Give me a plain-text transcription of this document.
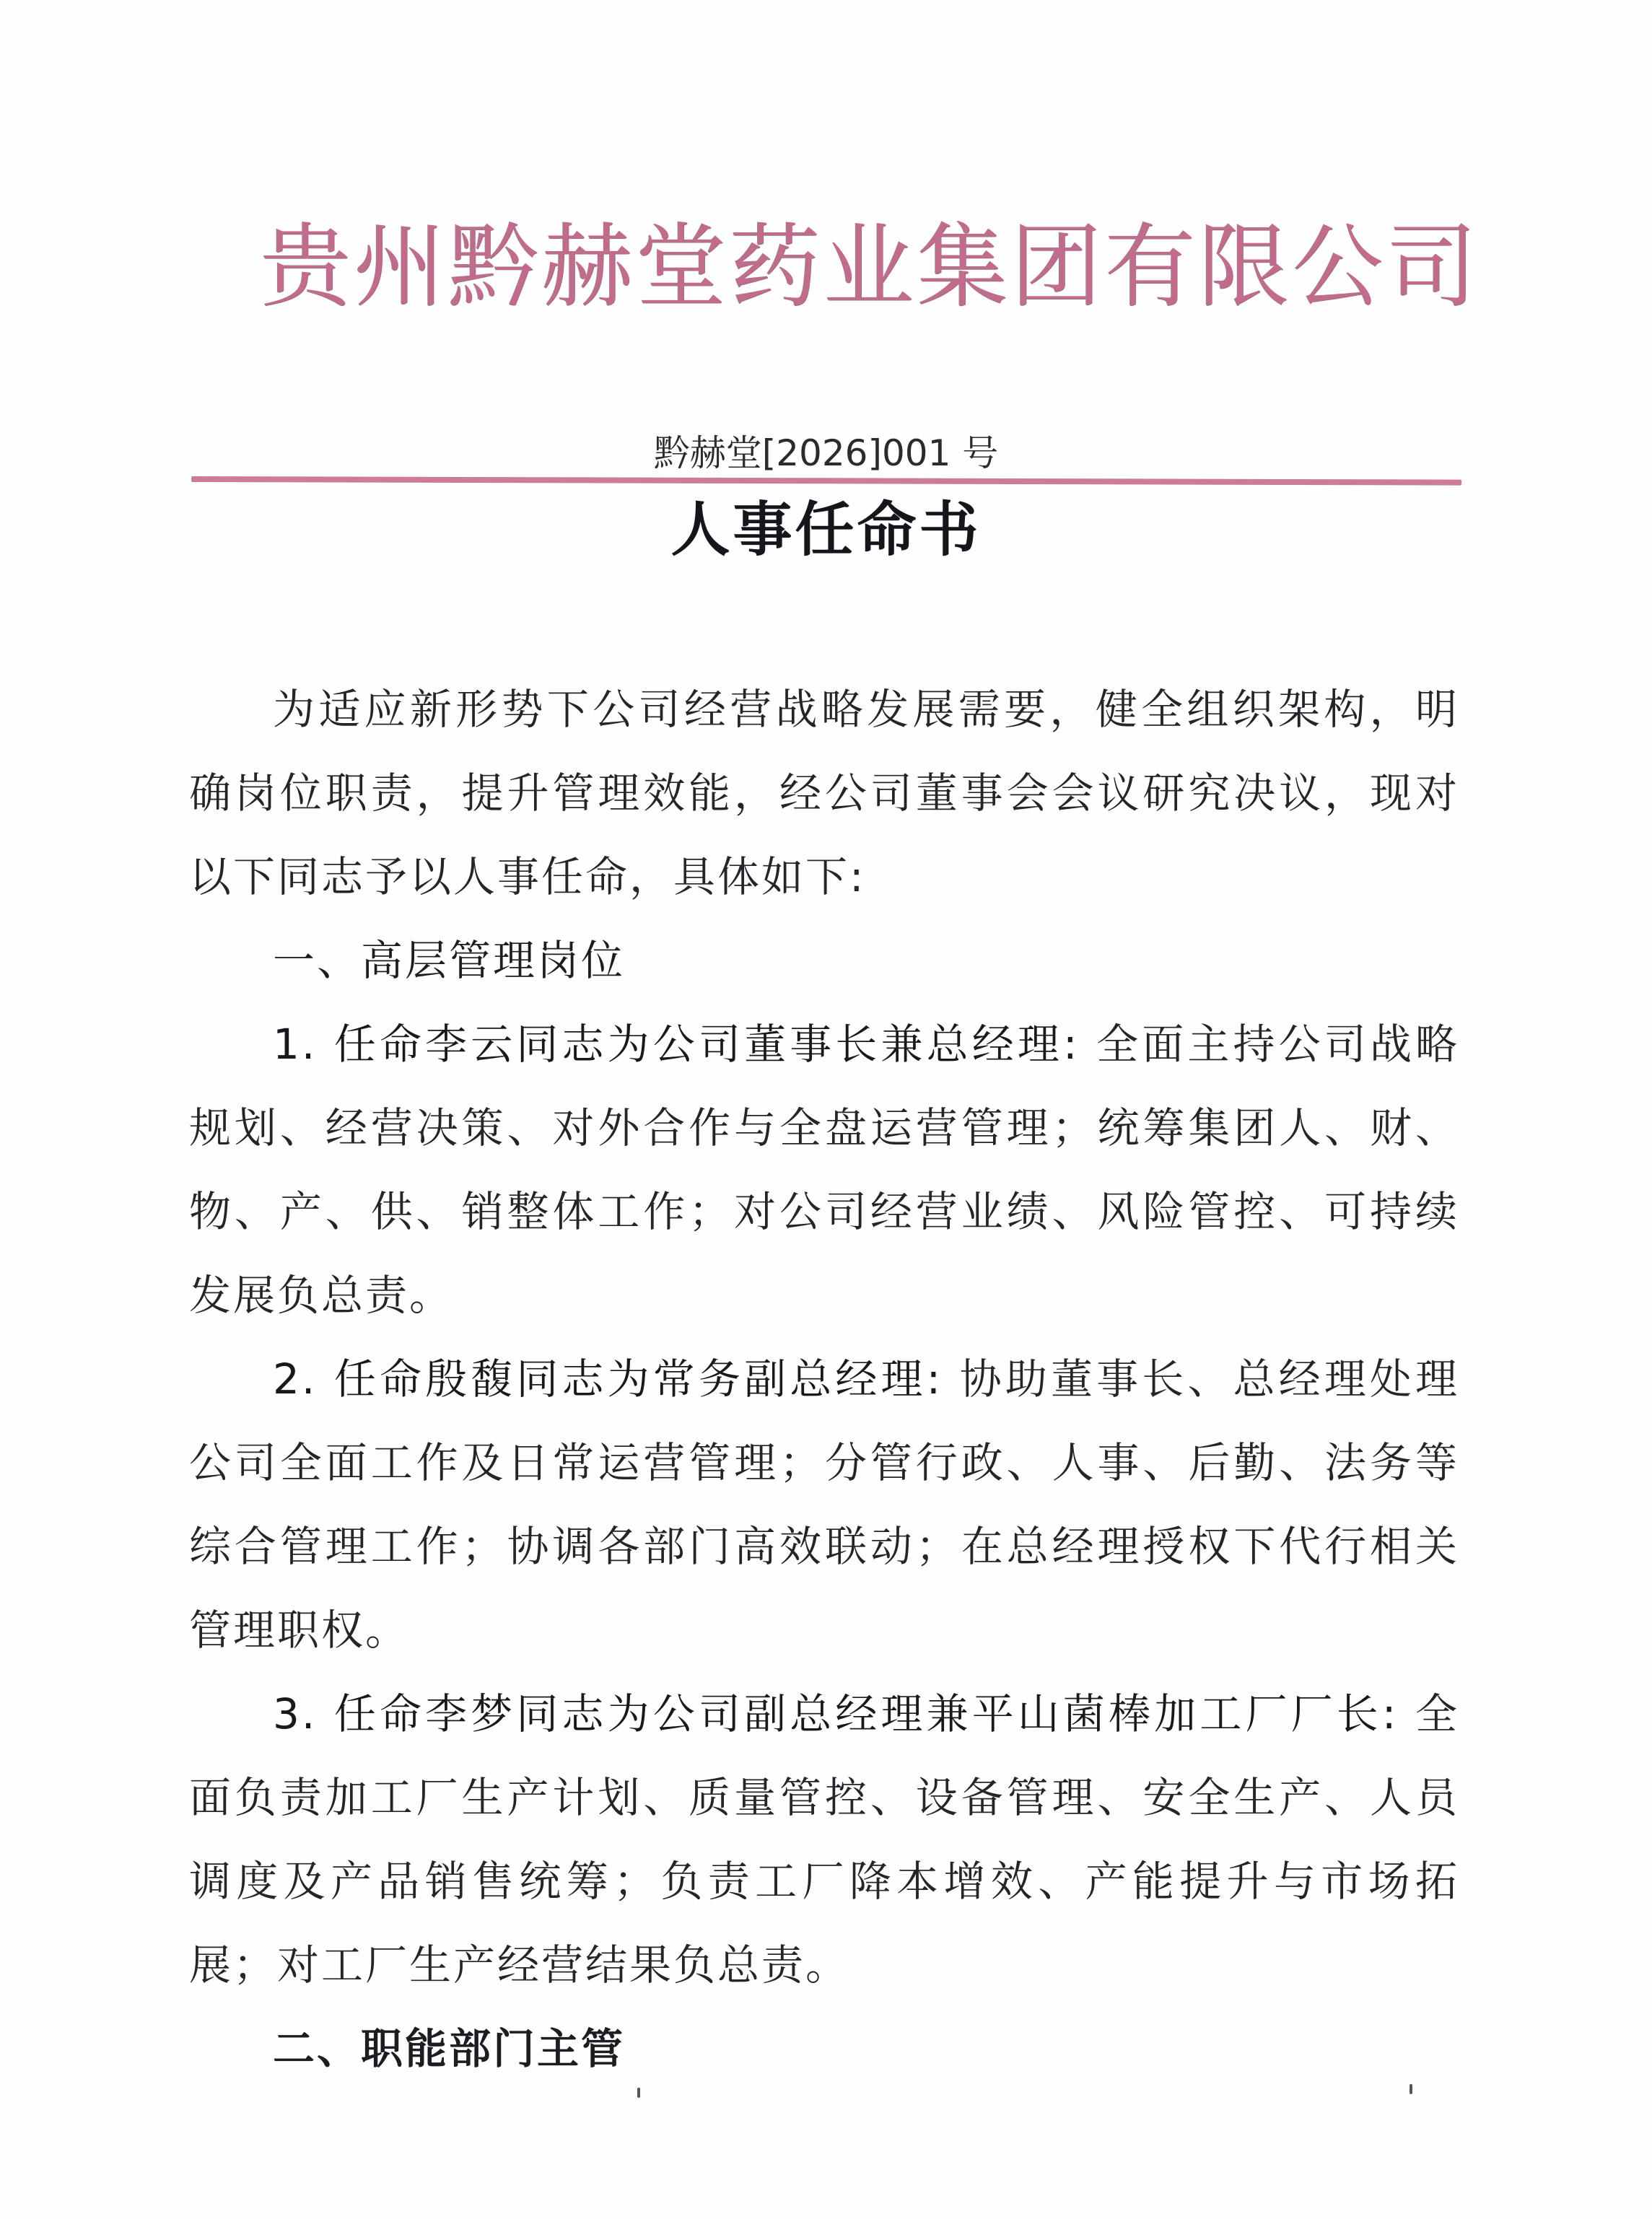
贵州黔赫堂药业集团有限公司
黔赫堂[2026]001 号
人事任命书

为适应新形势下公司经营战略发展需要，健全组织架构，明确岗位职责，提升管理效能，经公司董事会会议研究决议，现对以下同志予以人事任命，具体如下:

一、高层管理岗位

1. 任命李云同志为公司董事长兼总经理: 全面主持公司战略规划、经营决策、对外合作与全盘运营管理；统筹集团人、财、物、产、供、销整体工作；对公司经营业绩、风险管控、可持续发展负总责。

2. 任命殷馥同志为常务副总经理: 协助董事长、总经理处理公司全面工作及日常运营管理；分管行政、人事、后勤、法务等综合管理工作；协调各部门高效联动；在总经理授权下代行相关管理职权。

3. 任命李梦同志为公司副总经理兼平山菌棒加工厂厂长: 全面负责加工厂生产计划、质量管控、设备管理、安全生产、人员调度及产品销售统筹；负责工厂降本增效、产能提升与市场拓展；对工厂生产经营结果负总责。

二、职能部门主管
